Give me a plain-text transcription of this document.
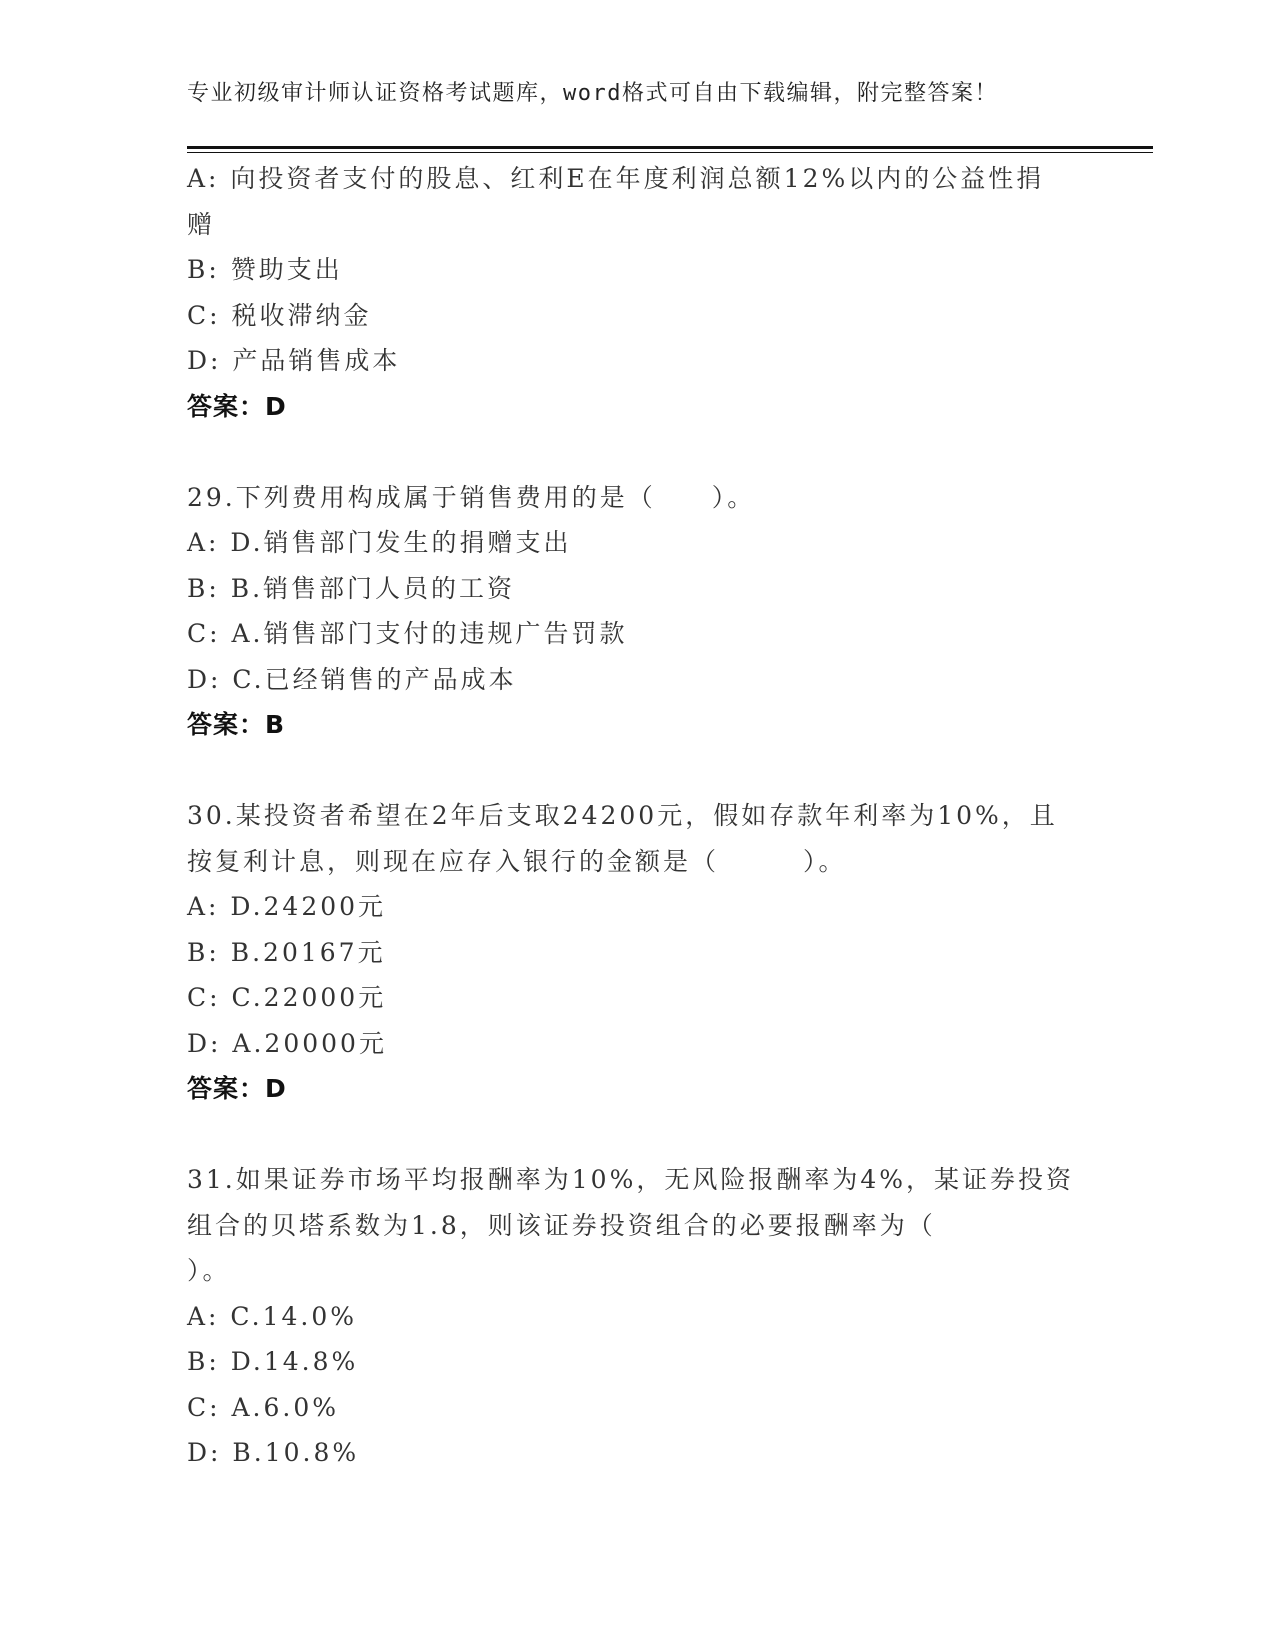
专业初级审计师认证资格考试题库，word格式可自由下载编辑，附完整答案！
A: 向投资者支付的股息、红利E在年度利润总额12%以内的公益性捐
赠
B: 赞助支出
C: 税收滞纳金
D: 产品销售成本
答案：D
29.下列费用构成属于销售费用的是（　　）。
A: D.销售部门发生的捐赠支出
B: B.销售部门人员的工资
C: A.销售部门支付的违规广告罚款
D: C.已经销售的产品成本
答案：B
30.某投资者希望在2年后支取24200元，假如存款年利率为10%，且
按复利计息，则现在应存入银行的金额是（　　　）。
A: D.24200元
B: B.20167元
C: C.22000元
D: A.20000元
答案：D
31.如果证券市场平均报酬率为10%，无风险报酬率为4%，某证券投资
组合的贝塔系数为1.8，则该证券投资组合的必要报酬率为（
）。
A: C.14.0%
B: D.14.8%
C: A.6.0%
D: B.10.8%
